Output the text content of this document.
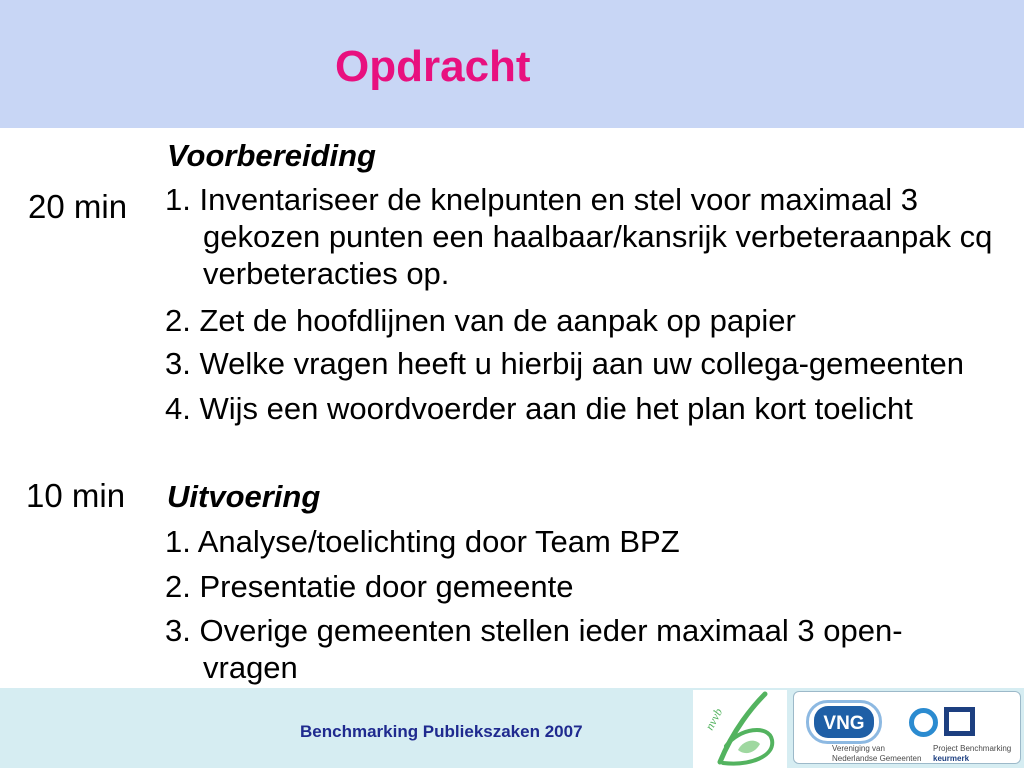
Opdracht
20 min
Voorbereiding
1. Inventariseer de knelpunten en stel voor maximaal 3
gekozen punten een haalbaar/kansrijk verbeteraanpak cq
verbeteracties op.
2. Zet de hoofdlijnen van de aanpak op papier
3. Welke vragen heeft u hierbij aan uw collega-gemeenten
4. Wijs een woordvoerder aan die het plan kort toelicht
10 min Uitvoering
1. Analyse/toelichting door Team BPZ
2. Presentatie door gemeente
3. Overige gemeenten stellen ieder maximaal 3 open-
vragen
Benchmarking Publiekszaken 2007	nvvb	VNG
Vereniging van
Nederlandse Gemeenten
Project Benchmarking
keurmerk
